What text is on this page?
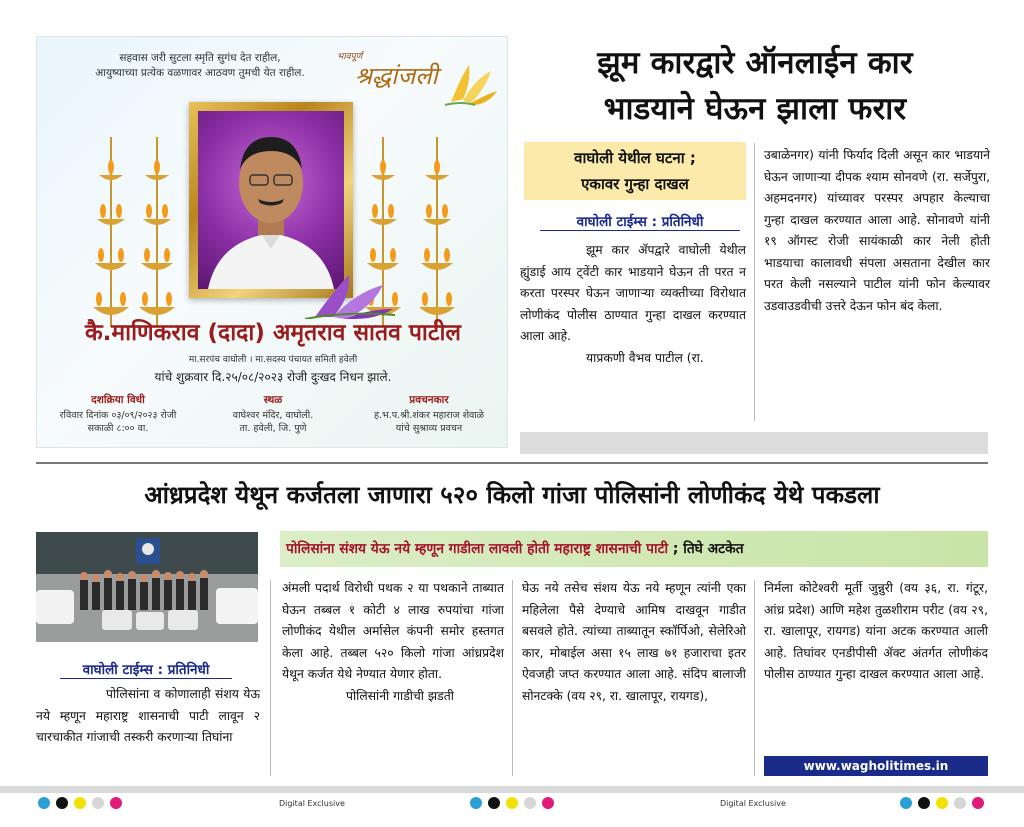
सहवास जरी सुटला स्मृति सुगंध देत राहील,
आयुष्याच्या प्रत्येक वळणावर आठवण तुमची येत राहील.
भावपूर्ण
श्रद्धांजली
कै.माणिकराव (दादा) अमृतराव सातव पाटील
मा.सरपंच वाघोली । मा.सदस्य पंचायत समिती हवेली
यांचे शुक्रवार दि.२५/०८/२०२३ रोजी दुःखद निधन झाले.
दशक्रिया विधी
रविवार दिनांक ०३/०९/२०२३ रोजी
सकाळी ८:०० वा.
स्थळ
वाघेश्वर मंदिर, वाघोली.
ता. हवेली, जि. पुणे
प्रवचनकार
ह.भ.प.श्री.शंकर महाराज शेवाळे
यांचे सुश्राव्य प्रवचन
झूम कारद्वारे ऑनलाईन कार
भाडयाने घेऊन झाला फरार
वाघोली येथील घटना ;
एकावर गुन्हा दाखल
वाघोली टाईम्स : प्रतिनिधी

झूम कार ॲपद्वारे वाघोली येथील ह्युंडाई आय ट्वेंटी कार भाडयाने घेऊन ती परत न करता परस्पर घेऊन जाणाऱ्या व्यक्तीच्या विरोधात लोणीकंद पोलीस ठाण्यात गुन्हा दाखल करण्यात आला आहे.

याप्रकणी वैभव पाटील (रा.

उबाळेनगर) यांनी फिर्याद दिली असून कार भाडयाने घेऊन जाणाऱ्या दीपक श्याम सोनवणे (रा. सर्जेपुरा, अहमदनगर) यांच्यावर परस्पर अपहार केल्याचा गुन्हा दाखल करण्यात आला आहे. सोनावणे यांनी १९ ऑगस्ट रोजी सायंकाळी कार नेली होती भाडयाचा कालावधी संपला असताना देखील कार परत केली नसल्याने पाटील यांनी फोन केल्यावर उडवाउडवीची उत्तरे देऊन फोन बंद केला.
आंध्रप्रदेश येथून कर्जतला जाणारा ५२० किलो गांजा पोलिसांनी लोणीकंद येथे पकडला
पोलिसांना संशय येऊ नये म्हणून गाडीला लावली होती महाराष्ट्र शासनाची पाटी ; तिघे अटकेत
वाघोली टाईम्स : प्रतिनिधी

पोलिसांना व कोणालाही संशय येऊ नये म्हणून महाराष्ट्र शासनाची पाटी लावून २ चारचाकीत गांजाची तस्करी करणाऱ्या तिघांना

अंमली पदार्थ विरोधी पथक २ या पथकाने ताब्यात घेऊन तब्बल १ कोटी ४ लाख रुपयांचा गांजा लोणीकंद येथील अर्मासेल कंपनी समोर हस्तगत केला आहे. तब्बल ५२० किलो गांजा आंध्रप्रदेश येथून कर्जत येथे नेण्यात येणार होता.

पोलिसांनी गाडीची झडती

घेऊ नये तसेच संशय येऊ नये म्हणून त्यांनी एका महिलेला पैसे देण्याचे आमिष दाखवून गाडीत बसवले होते. त्यांच्या ताब्यातून स्कॉर्पिओ, सेलेरिओ कार, मोबाईल असा १५ लाख ७१ हजाराचा इतर ऐवजही जप्त करण्यात आला आहे. संदिप बालाजी सोनटक्के (वय २९, रा. खालापूर, रायगड),
निर्मला कोटेश्वरी मूर्ती जुन्नुरी (वय ३६, रा. गंटूर, आंध्र प्रदेश) आणि महेश तुळशीराम परीट (वय २९, रा. खालापूर, रायगड) यांना अटक करण्यात आली आहे. तिघांवर एनडीपीसी ॲक्ट अंतर्गत लोणीकंद पोलीस ठाण्यात गुन्हा दाखल करण्यात आला आहे.
www.wagholitimes.in
Digital Exclusive	Digital Exclusive
